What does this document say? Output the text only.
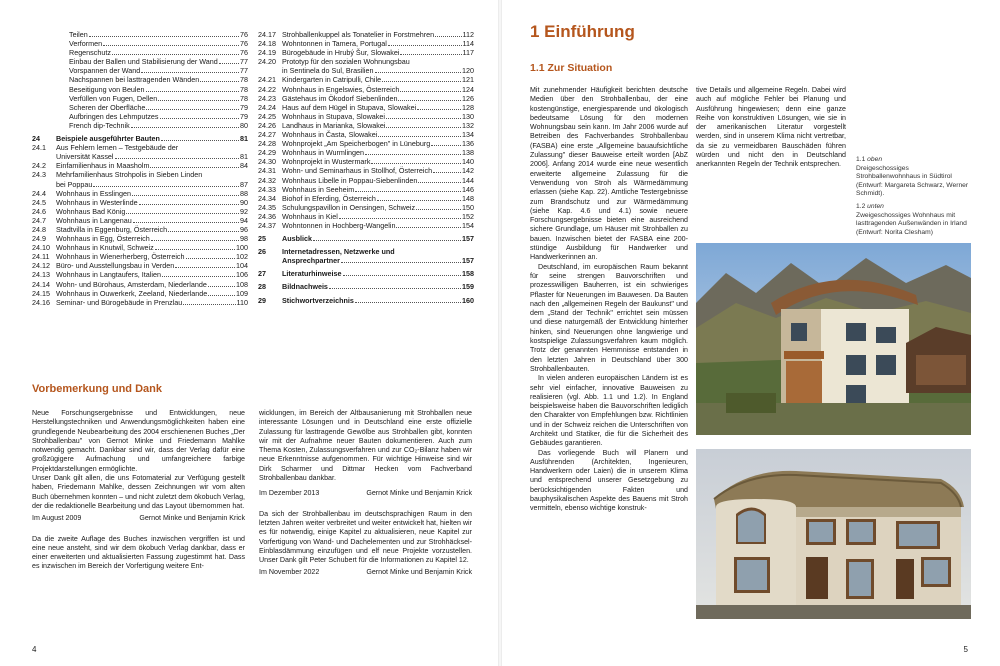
Teilen	76
Verformen	76
Regenschutz	76
Einbau der Ballen und Stabilisierung der Wand	77
Vorspannen der Wand	77
Nachspannen bei lasttragenden Wänden	78
Beseitigung von Beulen	78
Verfüllen von Fugen, Dellen	78
Scheren der Oberfläche	79
Aufbringen des Lehmputzes	79
French dip-Technik	80
24	Beispiele ausgeführter Bauten	81
24.1	Aus Fehlern lernen – Testgebäude der
Universität Kassel	81
24.2	Einfamilienhaus in Maasholm	84
24.3	Mehrfamilienhaus Strohpolis in Sieben Linden
bei Poppau	87
24.4	Wohnhaus in Esslingen	88
24.5	Wohnhaus in Westerlinde	90
24.6	Wohnhaus Bad König	92
24.7	Wohnhaus in Langenau	94
24.8	Stadtvilla in Eggenburg, Österreich	96
24.9	Wohnhaus in Egg, Österreich	98
24.10 Wohnhaus in Knutwil, Schweiz	100
24.11 Wohnhaus in Wienerherberg, Österreich	102
24.12 Büro- und Ausstellungsbau in Verden	104
24.13 Wohnhaus in Langtaufers, Italien	106
24.14 Wohn- und Bürohaus, Amsterdam, Niederlande	108
24.15 Wohnhaus in Ouwerkerk, Zeeland, Niederlande	109
24.16 Seminar- und Bürogebäude in Prenzlau	110
24.17 Strohballenkuppel als Tonatelier in Forstmehren	112
24.18 Wohntonnen in Tamera, Portugal	114
24.19 Bürogebäude in Hrubý Šur, Slowakei	117
24.20 Prototyp für den sozialen Wohnungsbau
in Sentinela do Sul, Brasilien	120
24.21 Kindergarten in Catripulli, Chile	121
24.22 Wohnhaus in Engelswies, Österreich	124
24.23 Gästehaus im Ökodorf Siebenlinden	126
24.24 Haus auf dem Hügel in Stupava, Slowakei	128
24.25 Wohnhaus in Stupava, Slowakei	130
24.26 Landhaus in Marianka, Slowakei	132
24.27 Wohnhaus in Časta, Slowakei	134
24.28 Wohnprojekt „Am Speicherbogen" in Lüneburg	136
24.29 Wohnhaus in Wurmlingen	138
24.30 Wohnprojekt in Wustermark	140
24.31 Wohn- und Seminarhaus in Stollhof, Österreich	142
24.32 Wohnhaus Libelle in Poppau-Siebenlinden	144
24.33 Wohnhaus in Seeheim	146
24.34 Biohof in Eferding, Österreich	148
24.35 Schulungspavillon in Oensingen, Schweiz	150
24.36 Wohnhaus in Kiel	152
24.37 Wohntonnen in Hochberg-Wangelin	154
25	Ausblick	157
26	Internetadressen, Netzwerke und
Ansprechpartner	157
27	Literaturhinweise	158
28	Bildnachweis	159
29	Stichwortverzeichnis	160
Vorbemerkung und Dank

Neue Forschungsergebnisse und Entwicklungen, neue Herstellungstechniken und Anwendungsmöglichkeiten haben eine grundlegende Neubearbeitung des 2004 erschienenen Buches „Der Strohballenbau" von Gernot Minke und Friedemann Mahlke notwendig gemacht. Dankbar sind wir, dass der Verlag dafür eine großzügigere Aufmachung und umfangreichere farbige Projektdarstellungen ermöglichte.

Unser Dank gilt allen, die uns Fotomaterial zur Verfügung gestellt haben, Friedemann Mahlke, dessen Zeichnungen wir vom alten Buch übernehmen konnten – und nicht zuletzt dem ökobuch Verlag, der die redaktionelle Bearbeitung und das Layout übernommen hat.

Im August 2009	Gernot Minke und Benjamin Krick

Da die zweite Auflage des Buches inzwischen vergriffen ist und eine neue ansteht, sind wir dem ökobuch Verlag dankbar, dass er einer erweiterten und aktualisierten Fassung zugestimmt hat. Dass es inzwischen im Bereich der Vorfertigung weitere Ent-

wicklungen, im Bereich der Altbausanierung mit Strohballen neue interessante Lösungen und in Deutschland eine erste offizielle Zulassung für lasttragende Gewölbe aus Strohballen gibt, konnten wir mit der Aufnahme neuer Bauten dokumentieren. Auch zum Thema Kosten, Zulassungsverfahren und zur CO₂-Bilanz haben wir neue Erkenntnisse aufgenommen. Für wichtige Hinweise sind wir Dirk Scharmer und Dittmar Hecken vom Fachverband Strohballenbau dankbar.

Im Dezember 2013	Gernot Minke und Benjamin Krick

Da sich der Strohballenbau im deutschsprachigen Raum in den letzten Jahren weiter verbreitet und weiter entwickelt hat, hielten wir es für notwendig, einige Kapitel zu aktualisieren, neue Kapitel zur Vorfertigung von Wand- und Dachelementen und zur Strohhäcksel-Einblasdämmung einzufügen und elf neue Projekte vorzustellen. Unser Dank gilt Peter Schubert für die Informationen zu Kapitel 12.

Im November 2022	Gernot Minke und Benjamin Krick
4
1 Einführung
1.1 Zur Situation

Mit zunehmender Häufigkeit berichten deutsche Medien über den Strohballenbau, der eine kostengünstige, energiesparende und ökologisch bedeutsame Lösung für den modernen Wohnungsbau sein kann. Im Jahr 2006 wurde auf Betreiben des Fachverbandes Strohballenbau (FASBA) eine erste „Allgemeine bauaufsichtliche Zulassung" dieser Bauweise erteilt worden [AbZ 2006]. Anfang 2014 wurde eine neue wesentlich erweiterte allgemeine Zulassung für die Verwendung von Stroh als Wärmedämmung erlassen (siehe Kap. 22). Amtliche Testergebnisse zum Brandschutz und zur Wärmedämmung (siehe Kap. 4.6 und 4.1) sowie neuere Forschungsergebnisse bieten eine ausreichend sichere Grundlage, um Häuser mit Strohballen zu bauen. Inzwischen bietet der FASBA eine 200-stündige Ausbildung für Handwerker und Handwerkerinnen an.

Deutschland, im europäischen Raum bekannt für seine strengen Bauvorschriften und prozesswilligen Bauherren, ist ein schwieriges Pflaster für Neuerungen im Bauwesen. Da Bauten nach den „allgemeinen Regeln der Baukunst" und dem „Stand der Technik" errichtet sein müssen und diese naturgemäß der Entwicklung hinterher hinken, sind Neuerungen ohne langwierige und kostspielige Zulassungsverfahren kaum möglich. Trotz der genannten Hemmnisse entstanden in den letzten Jahren in Deutschland über 300 Strohballenbauten.

In vielen anderen europäischen Ländern ist es sehr viel einfacher, innovative Bauweisen zu realisieren (vgl. Abb. 1.1 und 1.2). In England beispielsweise haben die Bauvorschriften lediglich den Charakter von Empfehlungen bzw. Richtlinien und in der Schweiz reichen die Unterschriften von Architekt und Statiker, die für die Sicherheit des Gebäudes garantieren.

Das vorliegende Buch will Planern und Ausführenden (Architekten, Ingenieuren, Handwerkern oder Laien) die in unserem Klima und entsprechend unserer Gesetzgebung zu berücksichtigenden Fakten und bauphysikalischen Aspekte des Bauens mit Stroh vermitteln, ebenso wichtige konstruk-

tive Details und allgemeine Regeln. Dabei wird auch auf mögliche Fehler bei Planung und Ausführung hingewiesen; denn eine ganze Reihe von konstruktiven Lösungen, wie sie in der amerikanischen Literatur vorgestellt werden, sind in unserem Klima nicht vertretbar, da sie zu vermeidbaren Bauschäden führen würden und nicht den in Deutschland anerkannten Regeln der Technik entsprechen.

1.1 oben
Dreigeschossiges Strohballenwohnhaus in Südtirol (Entwurf: Margareta Schwarz, Werner Schmidt).
1.2 unten
Zweigeschossiges Wohnhaus mit lasttragenden Außenwänden in Irland (Entwurf: Norita Clesham)
5
